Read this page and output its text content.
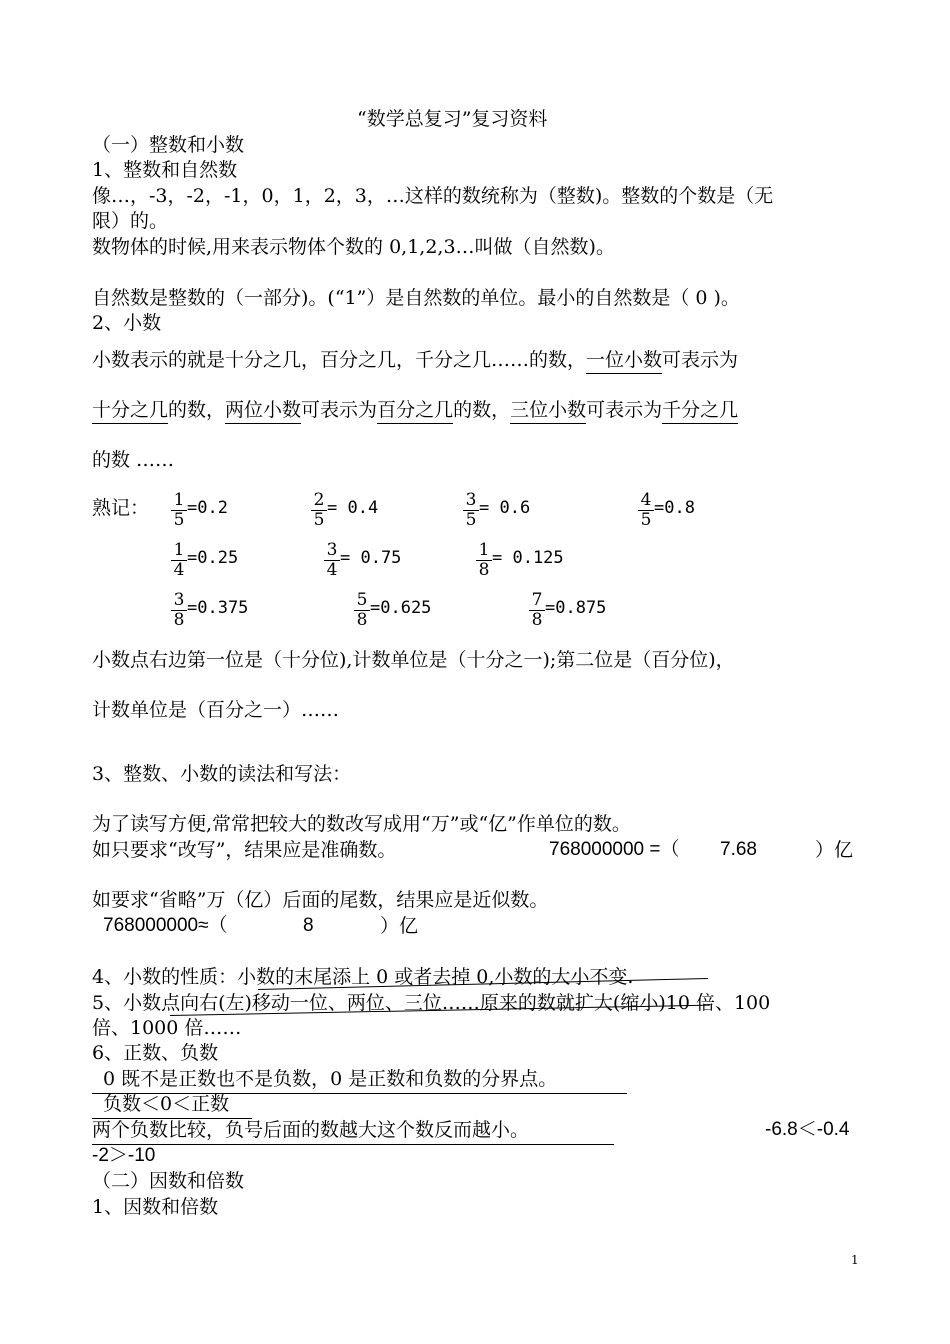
“数学总复习”复习资料
（一）整数和小数
1、整数和自然数
像…，-3，-2，-1，0，1，2，3，…这样的数统称为（整数)。整数的个数是（无
限）的。
数物体的时候,用来表示物体个数的 0,1,2,3…叫做（自然数)。
自然数是整数的（一部分)。(“1”）是自然数的单位。最小的自然数是（ 0 )。
2、小数
小数表示的就是十分之几，百分之几，千分之几……的数，一位小数可表示为
十分之几的数，两位小数可表示为百分之几的数，三位小数可表示为千分之几
的数 ……
熟记： $\frac{1}{5} =0.2$	$\frac{2}{5} = 0.4$	$\frac{3}{5} = 0.6$	$\frac{4}{5} =0.8$
$\frac{1}{4} =0.25$	$\frac{3}{4} = 0.75$	$\frac{1}{8} = 0.125$
$\frac{3}{8} =0.375$	$\frac{5}{8} =0.625$	$\frac{7}{8} =0.875$
小数点右边第一位是（十分位),计数单位是（十分之一);第二位是（百分位)，
计数单位是（百分之一）……
3、整数、小数的读法和写法：
为了读写方便,常常把较大的数改写成用“万”或“亿”作单位的数。
如只要求“改写”，结果应是准确数。	768000000 =（ 7.68	）亿
如要求“省略”万（亿）后面的尾数，结果应是近似数。
768000000≈（	8	）亿
4、小数的性质：小数的末尾添上 0 或者去掉 0,小数的大小不变.
5、小数点向右(左)移动一位、两位、三位……原来的数就扩大(缩小)10 倍、100
倍、1000 倍……
6、正数、负数
0 既不是正数也不是负数，0 是正数和负数的分界点。
负数＜0＜正数
两个负数比较，负号后面的数越大这个数反而越小。	-6.8＜-0.4
-2＞-10
（二）因数和倍数
1、因数和倍数
1
